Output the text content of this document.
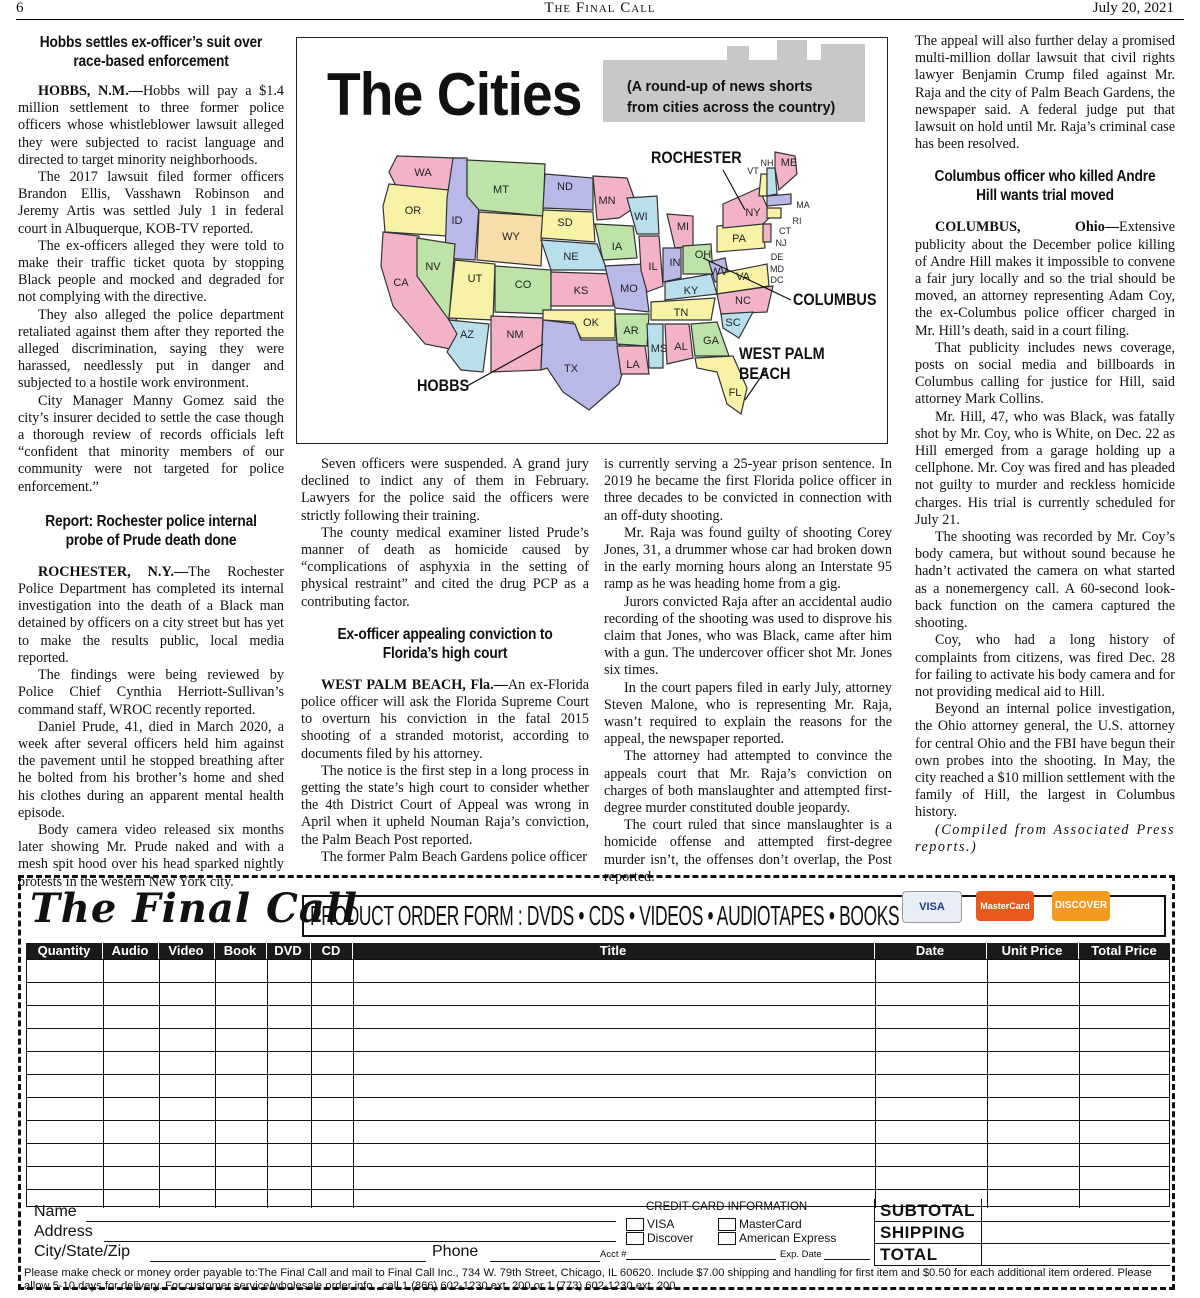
6	The Final Call	July 20, 2021
Hobbs settles ex-officer’s suit over race-based enforcement

HOBBS, N.M.—Hobbs will pay a $1.4 million settlement to three former police officers whose whistleblower lawsuit alleged they were subjected to racist language and directed to target minority neighborhoods.

The 2017 lawsuit filed former officers Brandon Ellis, Vasshawn Robinson and Jeremy Artis was settled July 1 in federal court in Albuquerque, KOB-TV reported.

The ex-officers alleged they were told to make their traffic ticket quota by stopping Black people and mocked and degraded for not complying with the directive.

They also alleged the police department retaliated against them after they reported the alleged discrimination, saying they were harassed, needlessly put in danger and subjected to a hostile work environment.

City Manager Manny Gomez said the city’s insurer decided to settle the case though a thorough review of records officials left “confident that minority members of our community were not targeted for police enforcement.”

Report: Rochester police internal probe of Prude death done

ROCHESTER, N.Y.—The Rochester Police Department has completed its internal investigation into the death of a Black man detained by officers on a city street but has yet to make the results public, local media reported.

The findings were being reviewed by Police Chief Cynthia Herriott-Sullivan’s command staff, WROC recently reported.

Daniel Prude, 41, died in March 2020, a week after several officers held him against the pavement until he stopped breathing after he bolted from his brother’s home and shed his clothes during an apparent mental health episode.

Body camera video released six months later showing Mr. Prude naked and with a mesh spit hood over his head sparked nightly protests in the western New York city.

The Cities	(A round-up of news shorts
from cities across the country)
WA
OR
CA
ID
NV
MT
WY
UT
AZ
CO
NM
ND
SD
NE
KS
OK
TX
MN
IA
MO
AR
LA
WI
IL
MS
MI
IN
KY
TN
AL
OH
GA
FL
WV VA
NC
SC
PA
NY
VT
NH ME
MA
RI
CT
NJ
DE
MD
DC
ROCHESTER
COLUMBUS
WEST PALM BEACH
HOBBS

Seven officers were suspended. A grand jury declined to indict any of them in February. Lawyers for the police said the officers were strictly following their training.

The county medical examiner listed Prude’s manner of death as homicide caused by “complications of asphyxia in the setting of physical restraint” and cited the drug PCP as a contributing factor.

Ex-officer appealing conviction to Florida’s high court

WEST PALM BEACH, Fla.—An ex-Florida police officer will ask the Florida Supreme Court to overturn his conviction in the fatal 2015 shooting of a stranded motorist, according to documents filed by his attorney.

The notice is the first step in a long process in getting the state’s high court to consider whether the 4th District Court of Appeal was wrong in April when it upheld Nouman Raja’s conviction, the Palm Beach Post reported.

The former Palm Beach Gardens police officer

is currently serving a 25-year prison sentence. In 2019 he became the first Florida police officer in three decades to be convicted in connection with an off-duty shooting.

Mr. Raja was found guilty of shooting Corey Jones, 31, a drummer whose car had broken down in the early morning hours along an Interstate 95 ramp as he was heading home from a gig.

Jurors convicted Raja after an accidental audio recording of the shooting was used to disprove his claim that Jones, who was Black, came after him with a gun. The undercover officer shot Mr. Jones six times.

In the court papers filed in early July, attorney Steven Malone, who is representing Mr. Raja, wasn’t required to explain the reasons for the appeal, the newspaper reported.

The attorney had attempted to convince the appeals court that Mr. Raja’s conviction on charges of both manslaughter and attempted first-degree murder constituted double jeopardy.

The court ruled that since manslaughter is a homicide offense and attempted first-degree murder isn’t, the offenses don’t overlap, the Post reported.

The appeal will also further delay a promised multi-million dollar lawsuit that civil rights lawyer Benjamin Crump filed against Mr. Raja and the city of Palm Beach Gardens, the newspaper said. A federal judge put that lawsuit on hold until Mr. Raja’s criminal case has been resolved.

Columbus officer who killed Andre Hill wants trial moved

COLUMBUS, Ohio—Extensive publicity about the December police killing of Andre Hill makes it impossible to convene a fair jury locally and so the trial should be moved, an attorney representing Adam Coy, the ex-Columbus police officer charged in Mr. Hill’s death, said in a court filing.

That publicity includes news coverage, posts on social media and billboards in Columbus calling for justice for Hill, said attorney Mark Collins.

Mr. Hill, 47, who was Black, was fatally shot by Mr. Coy, who is White, on Dec. 22 as Hill emerged from a garage holding up a cellphone. Mr. Coy was fired and has pleaded not guilty to murder and reckless homicide charges. His trial is currently scheduled for July 21.

The shooting was recorded by Mr. Coy’s body camera, but without sound because he hadn’t activated the camera on what started as a nonemergency call. A 60-second look-back function on the camera captured the shooting.

Coy, who had a long history of complaints from citizens, was fired Dec. 28 for failing to activate his body camera and for not providing medical aid to Hill.

Beyond an internal police investigation, the Ohio attorney general, the U.S. attorney for central Ohio and the FBI have begun their own probes into the shooting. In May, the city reached a $10 million settlement with the family of Hill, the largest in Columbus history.

(Compiled from Associated Press reports.)

The Final Call
PRODUCT ORDER FORM : DVDS • CDS • VIDEOS • AUDIOTAPES • BOOKS	VISA	MasterCard	DISCOVER
Quantity	Audio	Video	Book	DVD	CD	Title	Date	Unit Price	Total Price
Name
Address
City/State/Zip	Phone
CREDIT CARD INFORMATION
VISA	MasterCard
Discover	American Express
Acct #	Exp. Date
SUBTOTAL
SHIPPING
TOTAL
Please make check or money order payable to:The Final Call and mail to Final Call Inc., 734 W. 79th Street, Chicago, IL 60620. Include $7.00 shipping and handling for first item and $0.50 for each additional item ordered. Please allow 5-10 days for delivery. For customer service/wholesale order info., call 1 (866) 602-1230 ext. 200 or 1 (773) 602-1230 ext. 200.
